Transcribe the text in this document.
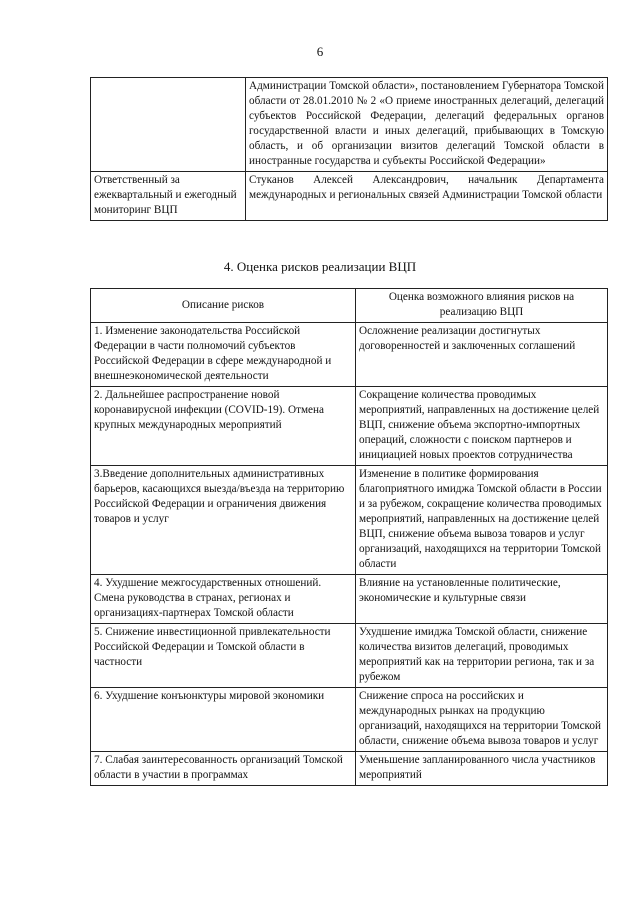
6
	Администрации Томской области», постановлением Губернатора Томской области от 28.01.2010 № 2 «О приеме иностранных делегаций, делегаций субъектов Российской Федерации, делегаций федеральных органов государственной власти и иных делегаций, прибывающих в Томскую область, и об организации визитов делегаций Томской области в иностранные государства и субъекты Российской Федерации»
Ответственный за ежеквартальный и ежегодный мониторинг ВЦП	Стуканов Алексей Александрович, начальник Департамента международных и региональных связей Администрации Томской области
4. Оценка рисков реализации ВЦП
Описание рисков	Оценка возможного влияния рисков на реализацию ВЦП
1. Изменение законодательства Российской Федерации в части полномочий субъектов Российской Федерации в сфере международной и внешнеэкономической деятельности	Осложнение реализации достигнутых договоренностей и заключенных соглашений
2. Дальнейшее распространение новой коронавирусной инфекции (COVID-19). Отмена крупных международных мероприятий	Сокращение количества проводимых мероприятий, направленных на достижение целей ВЦП, снижение объема экспортно-импортных операций, сложности с поиском партнеров и инициацией новых проектов сотрудничества
3.Введение дополнительных административных барьеров, касающихся выезда/въезда на территорию Российской Федерации и ограничения движения товаров и услуг	Изменение в политике формирования благоприятного имиджа Томской области в России и за рубежом, сокращение количества проводимых мероприятий, направленных на достижение целей ВЦП, снижение объема вывоза товаров и услуг организаций, находящихся на территории Томской области
4. Ухудшение межгосударственных отношений. Смена руководства в странах, регионах и организациях-партнерах Томской области	Влияние на установленные политические, экономические и культурные связи
5. Снижение инвестиционной привлекательности Российской Федерации и Томской области в частности	Ухудшение имиджа Томской области, снижение количества визитов делегаций, проводимых мероприятий как на территории региона, так и за рубежом
6. Ухудшение конъюнктуры мировой экономики	Снижение спроса на российских и международных рынках на продукцию организаций, находящихся на территории Томской области, снижение объема вывоза товаров и услуг
7. Слабая заинтересованность организаций Томской области в участии в программах	Уменьшение запланированного числа участников мероприятий
